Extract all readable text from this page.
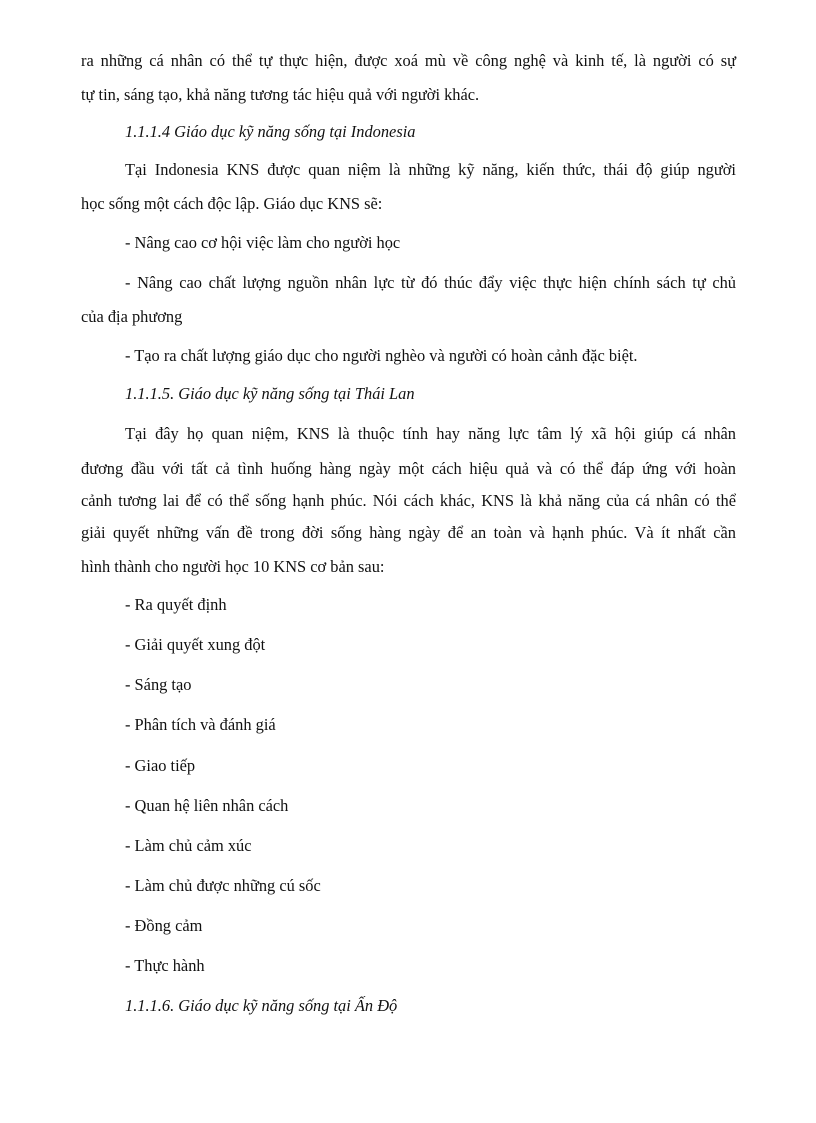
ra những cá nhân có thể tự thực hiện, được xoá mù về công nghệ và kinh tế, là người có sự

tự tin, sáng tạo, khả năng tương tác hiệu quả với người khác.

1.1.1.4 Giáo dục kỹ năng sống tại Indonesia

Tại Indonesia KNS được quan niệm là những kỹ năng, kiến thức, thái độ giúp người

học sống một cách độc lập. Giáo dục KNS sẽ:

- Nâng cao cơ hội việc làm cho người học

- Nâng cao chất lượng nguồn nhân lực từ đó thúc đẩy việc thực hiện chính sách tự chủ

của địa phương

- Tạo ra chất lượng giáo dục cho người nghèo và người có hoàn cảnh đặc biệt.

1.1.1.5. Giáo dục kỹ năng sống tại Thái Lan

Tại đây họ quan niệm, KNS là thuộc tính hay năng lực tâm lý xã hội giúp cá nhân

đương đầu với tất cả tình huống hàng ngày một cách hiệu quả và có thể đáp ứng với hoàn

cảnh tương lai để có thể sống hạnh phúc. Nói cách khác, KNS là khả năng của cá nhân có thể

giải quyết những vấn đề trong đời sống hàng ngày để an toàn và hạnh phúc. Và ít nhất cần

hình thành cho người học 10 KNS cơ bản sau:

- Ra quyết định

- Giải quyết xung đột

- Sáng tạo

- Phân tích và đánh giá

- Giao tiếp

- Quan hệ liên nhân cách

- Làm chủ cảm xúc

- Làm chủ được những cú sốc

- Đồng cảm

- Thực hành

1.1.1.6. Giáo dục kỹ năng sống tại Ấn Độ
